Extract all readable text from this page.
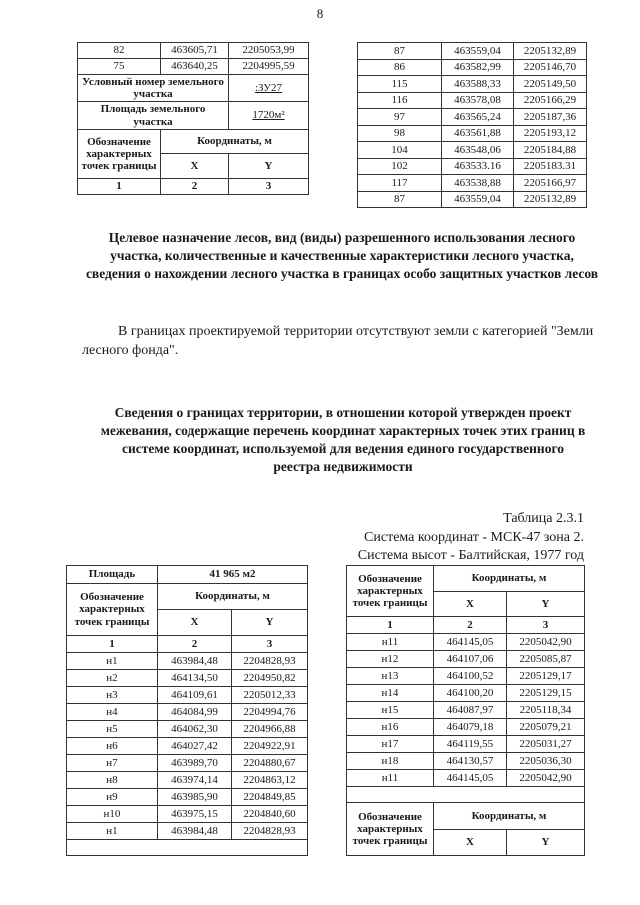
8
82	463605,71	2205053,99
75	463640,25	2204995,59
Условный номер земельного участка		:ЗУ27
Площадь земельного участка		1720м²
Обозначение характерных точек границы	Координаты, м	
	X	Y
1	2	3
87	463559,04	2205132,89
86	463582,99	2205146,70
115	463588,33	2205149,50
116	463578,08	2205166,29
97	463565,24	2205187,36
98	463561,88	2205193,12
104	463548,06	2205184,88
102	463533.16	2205183.31
117	463538,88	2205166,97
87	463559,04	2205132,89
Целевое назначение лесов, вид (виды) разрешенного использования лесного участка, количественные и качественные характеристики лесного участка, сведения о нахождении лесного участка в границах особо защитных участков лесов
В границах проектируемой территории отсутствуют земли с категорией "Земли лесного фонда".
Сведения о границах территории, в отношении которой утвержден проект межевания, содержащие перечень координат характерных точек этих границ в системе координат, используемой для ведения единого государственного реестра недвижимости
Таблица 2.3.1
Система координат - МСК-47 зона 2.
Система высот - Балтийская, 1977 год
Площадь	41 965 м2	
Обозначение характерных точек границы	Координаты, м	
	X	Y
1	2	3
н1	463984,48	2204828,93
н2	464134,50	2204950,82
н3	464109,61	2205012,33
н4	464084,99	2204994,76
н5	464062,30	2204966,88
н6	464027,42	2204922,91
н7	463989,70	2204880,67
н8	463974,14	2204863,12
н9	463985,90	2204849,85
н10	463975,15	2204840,60
н1	463984,48	2204828,93

Обозначение характерных точек границы	Координаты, м	
	X	Y
1	2	3
н11	464145,05	2205042,90
н12	464107,06	2205085,87
н13	464100,52	2205129,17
н14	464100,20	2205129,15
н15	464087,97	2205118,34
н16	464079,18	2205079,21
н17	464119,55	2205031,27
н18	464130,57	2205036,30
н11	464145,05	2205042,90

Обозначение характерных точек границы	Координаты, м	
	X	Y
